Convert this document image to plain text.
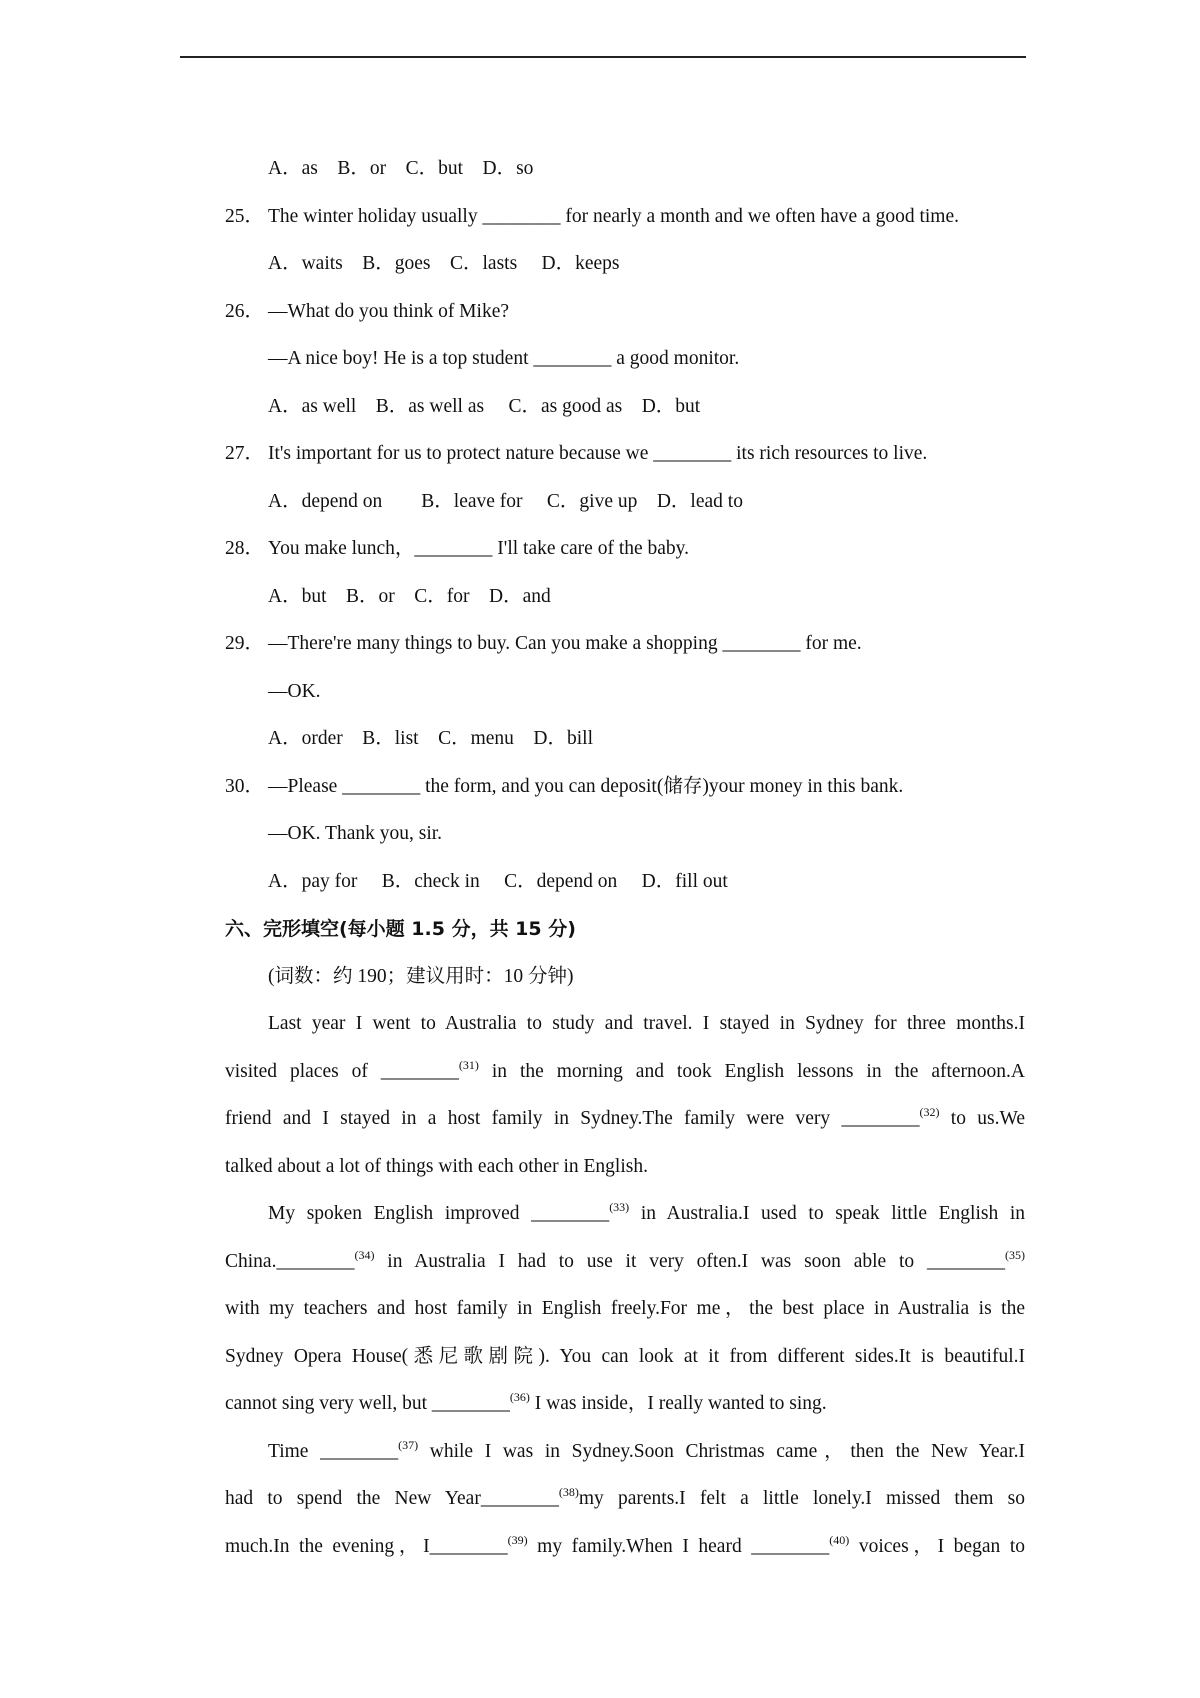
A．as　B．or　C．but　D．so
25． The winter holiday usually ________ for nearly a month and we often have a good time.
A．waits　B．goes　C．lasts　 D．keeps
26． —What do you think of Mike?
—A nice boy! He is a top student ________ a good monitor.
A．as well　B．as well as　 C．as good as　D．but
27． It's important for us to protect nature because we ________ its rich resources to live.
A．depend on　　B．leave for　 C．give up　D．lead to
28． You make lunch，________ I'll take care of the baby.
A．but　B．or　C．for　D．and
29． —There're many things to buy. Can you make a shopping ________ for me.
—OK.
A．order　B．list　C．menu　D．bill
30． —Please ________ the form, and you can deposit(储存)your money in this bank.
—OK. Thank you, sir.
A．pay for　 B．check in　 C．depend on　 D．fill out
六、完形填空(每小题 1.5 分，共 15 分)
(词数：约 190；建议用时：10 分钟)
Last year I went to Australia to study and travel. I stayed in Sydney for three months.I
visited places of ________$^{(31)}$ in the morning and took English lessons in the afternoon.A
friend and I stayed in a host family in Sydney.The family were very ________$^{(32)}$ to us.We
talked about a lot of things with each other in English.
My spoken English improved ________$^{(33)}$ in Australia.I used to speak little English in
China.________$^{(34)}$ in Australia I had to use it very often.I was soon able to ________$^{(35)}$
with my teachers and host family in English freely.For me，the best place in Australia is the
Sydney Opera House(悉尼歌剧院). You can look at it from different sides.It is beautiful.I
cannot sing very well, but ________$^{(36)}$ I was inside，I really wanted to sing.
Time ________$^{(37)}$ while I was in Sydney.Soon Christmas came，then the New Year.I
had to spend the New Year________$^{(38)}$my parents.I felt a little lonely.I missed them so
much.In the evening，I________$^{(39)}$ my family.When I heard ________$^{(40)}$ voices，I began to
